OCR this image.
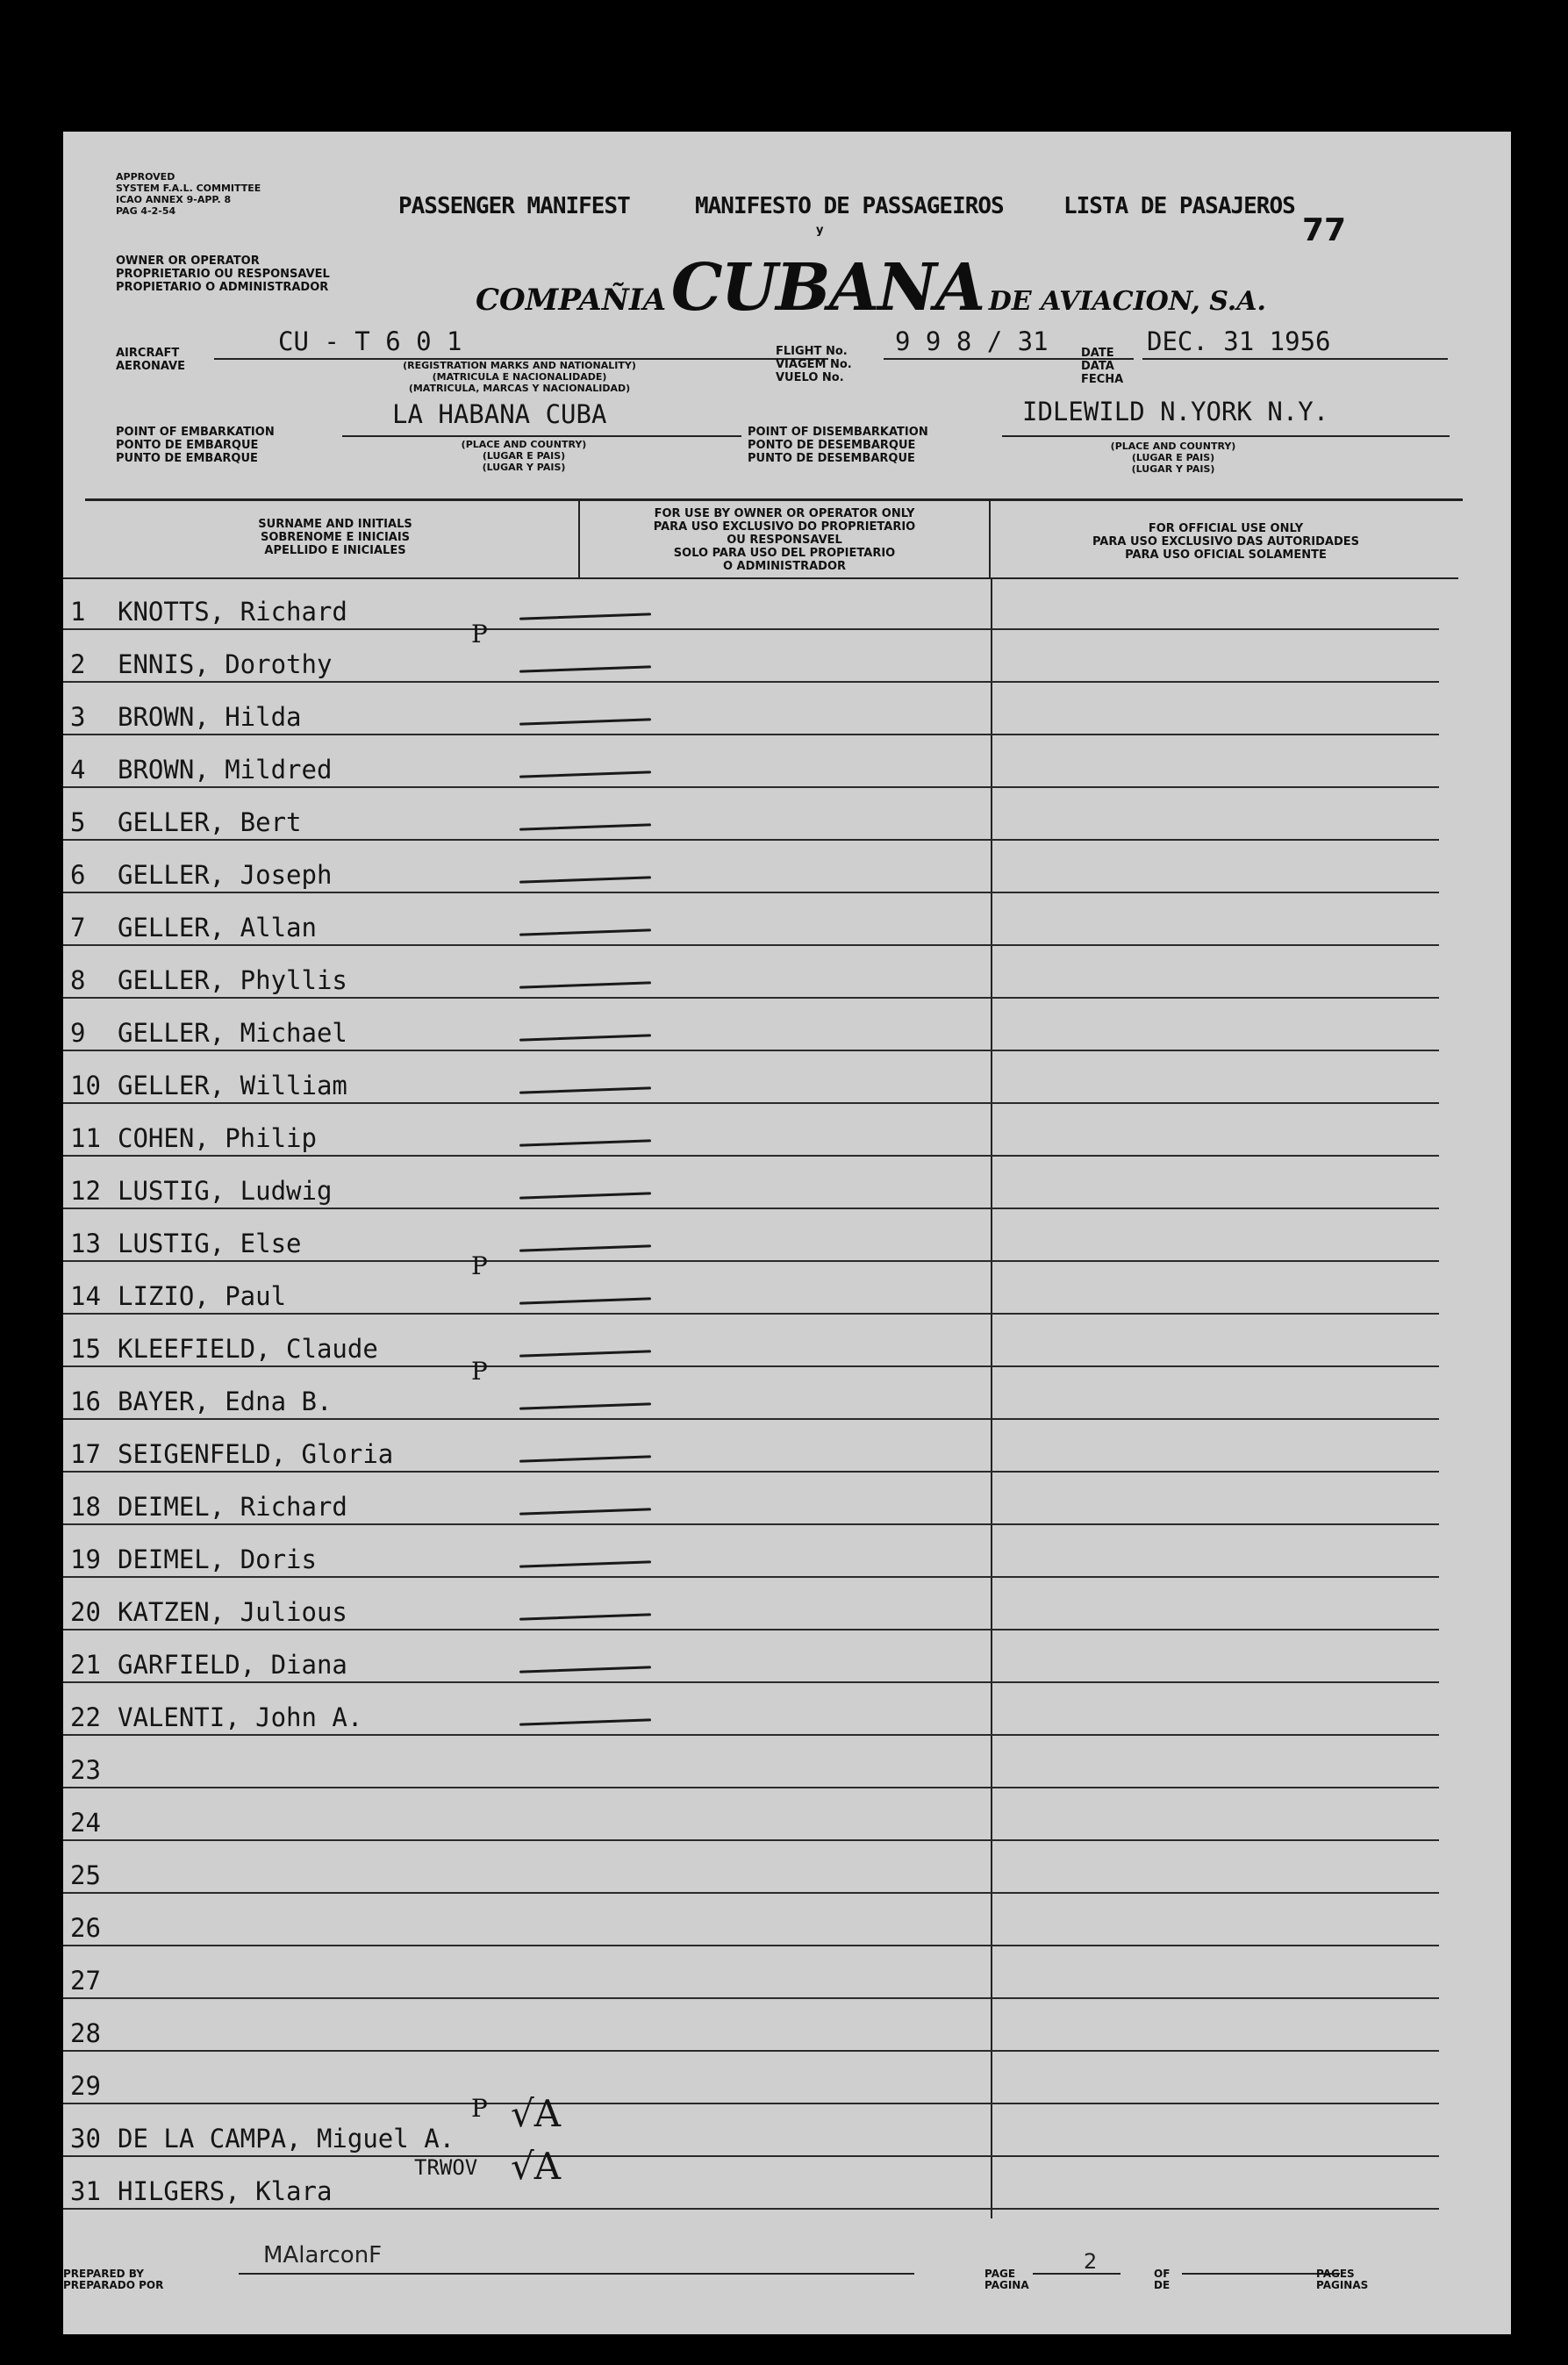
APPROVED
SYSTEM F.A.L. COMMITTEE
ICAO ANNEX 9-APP. 8
PAG 4-2-54	PASSENGER MANIFEST	MANIFESTO DE PASSAGEIROS
y
LISTA DE PASAJEROS
77
OWNER OR OPERATOR
PROPRIETARIO OU RESPONSAVEL
PROPIETARIO O ADMINISTRADOR	COMPAÑIA CUBANA DE AVIACION, S.A.
AIRCRAFT
AERONAVE
CU - T 6 0 1
(REGISTRATION MARKS AND NATIONALITY)
(MATRICULA E NACIONALIDADE)
(MATRICULA, MARCAS Y NACIONALIDAD)
FLIGHT No.
VIAGEM No.
VUELO No.
9 9 8 / 31	DATE
DATA
FECHA
DEC. 31 1956
POINT OF EMBARKATION
PONTO DE EMBARQUE
PUNTO DE EMBARQUE
LA HABANA CUBA
(PLACE AND COUNTRY)
(LUGAR E PAIS)
(LUGAR Y PAIS)
POINT OF DISEMBARKATION
PONTO DE DESEMBARQUE
PUNTO DE DESEMBARQUE
IDLEWILD N.YORK N.Y.
(PLACE AND COUNTRY)
(LUGAR E PAIS)
(LUGAR Y PAIS)
SURNAME AND INITIALS
SOBRENOME E INICIAIS
APELLIDO E INICIALES
FOR USE BY OWNER OR OPERATOR ONLY
PARA USO EXCLUSIVO DO PROPRIETARIO
OU RESPONSAVEL
SOLO PARA USO DEL PROPIETARIO
O ADMINISTRADOR
FOR OFFICIAL USE ONLY
PARA USO EXCLUSIVO DAS AUTORIDADES
PARA USO OFICIAL SOLAMENTE
1	KNOTTS, Richard
2	ENNIS, Dorothy
P
3	BROWN, Hilda
4	BROWN, Mildred
5	GELLER, Bert
6	GELLER, Joseph
7	GELLER, Allan
8	GELLER, Phyllis
9	GELLER, Michael
10 GELLER, William
11 COHEN, Philip
12 LUSTIG, Ludwig
13 LUSTIG, Else
14 LIZIO, Paul
P
15 KLEEFIELD, Claude
16 BAYER, Edna B.
P
17 SEIGENFELD, Gloria
18 DEIMEL, Richard
19 DEIMEL, Doris
20 KATZEN, Julious
21 GARFIELD, Diana
22 VALENTI, John A.
23
24
25
26
27
28
29
30 DE LA CAMPA, Miguel A.
P √A
31 HILGERS, Klara
TRWOV √A
PREPARED BY
PREPARADO POR
MAlarconF
PAGE
PAGINA
2	OF
DE
PAGES
PAGINAS
